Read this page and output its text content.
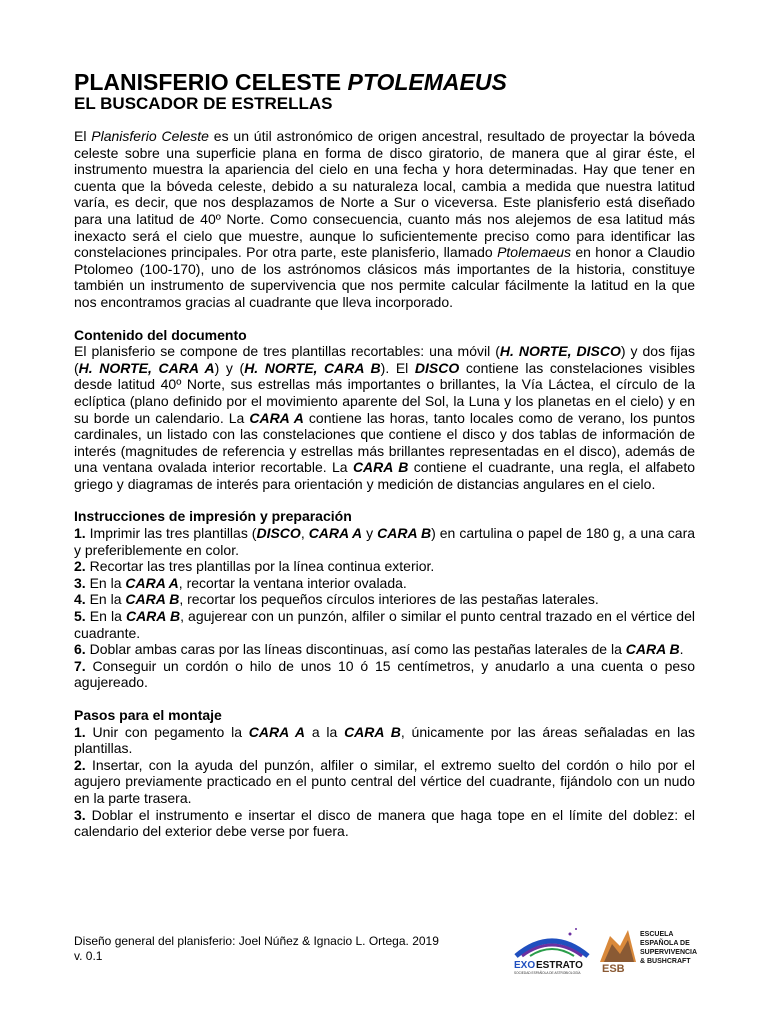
PLANISFERIO CELESTE PTOLEMAEUS
EL BUSCADOR DE ESTRELLAS

El Planisferio Celeste es un útil astronómico de origen ancestral, resultado de proyectar la bóveda celeste sobre una superficie plana en forma de disco giratorio, de manera que al girar éste, el instrumento muestra la apariencia del cielo en una fecha y hora determinadas. Hay que tener en cuenta que la bóveda celeste, debido a su naturaleza local, cambia a medida que nuestra latitud varía, es decir, que nos desplazamos de Norte a Sur o viceversa. Este planisferio está diseñado para una latitud de 40º Norte. Como consecuencia, cuanto más nos alejemos de esa latitud más inexacto será el cielo que muestre, aunque lo suficientemente preciso como para identificar las constelaciones principales. Por otra parte, este planisferio, llamado Ptolemaeus en honor a Claudio Ptolomeo (100-170), uno de los astrónomos clásicos más importantes de la historia, constituye también un instrumento de supervivencia que nos permite calcular fácilmente la latitud en la que nos encontramos gracias al cuadrante que lleva incorporado.

Contenido del documento

El planisferio se compone de tres plantillas recortables: una móvil (H. NORTE, DISCO) y dos fijas (H. NORTE, CARA A) y (H. NORTE, CARA B). El DISCO contiene las constelaciones visibles desde latitud 40º Norte, sus estrellas más importantes o brillantes, la Vía Láctea, el círculo de la eclíptica (plano definido por el movimiento aparente del Sol, la Luna y los planetas en el cielo) y en su borde un calendario. La CARA A contiene las horas, tanto locales como de verano, los puntos cardinales, un listado con las constelaciones que contiene el disco y dos tablas de información de interés (magnitudes de referencia y estrellas más brillantes representadas en el disco), además de una ventana ovalada interior recortable. La CARA B contiene el cuadrante, una regla, el alfabeto griego y diagramas de interés para orientación y medición de distancias angulares en el cielo.

Instrucciones de impresión y preparación

1. Imprimir las tres plantillas (DISCO, CARA A y CARA B) en cartulina o papel de 180 g, a una cara y preferiblemente en color.

2. Recortar las tres plantillas por la línea continua exterior.

3. En la CARA A, recortar la ventana interior ovalada.

4. En la CARA B, recortar los pequeños círculos interiores de las pestañas laterales.

5. En la CARA B, agujerear con un punzón, alfiler o similar el punto central trazado en el vértice del cuadrante.

6. Doblar ambas caras por las líneas discontinuas, así como las pestañas laterales de la CARA B.

7. Conseguir un cordón o hilo de unos 10 ó 15 centímetros, y anudarlo a una cuenta o peso agujereado.

Pasos para el montaje

1. Unir con pegamento la CARA A a la CARA B, únicamente por las áreas señaladas en las plantillas.

2. Insertar, con la ayuda del punzón, alfiler o similar, el extremo suelto del cordón o hilo por el agujero previamente practicado en el punto central del vértice del cuadrante, fijándolo con un nudo en la parte trasera.

3. Doblar el instrumento e insertar el disco de manera que haga tope en el límite del doblez: el calendario del exterior debe verse por fuera.

Diseño general del planisferio: Joel Núñez & Ignacio L. Ortega. 2019
v. 0.1
EXO ESTRATO
SOCIEDAD ESPAÑOLA DE ASTROBIOLOGÍA ESB
ESCUELA
ESPAÑOLA DE
SUPERVIVENCIA
& BUSHCRAFT
